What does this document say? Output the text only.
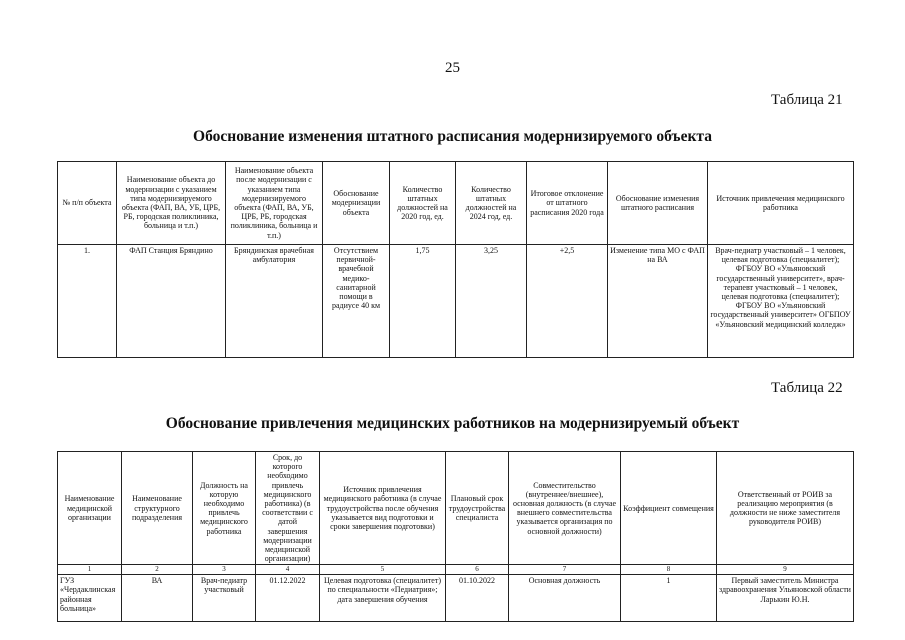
25
Таблица 21
Обоснование изменения штатного расписания модернизируемого объекта
№ п/п объекта	Наименование объекта до модернизации с указанием типа модернизируемого объекта (ФАП, ВА, УБ, ЦРБ, РБ, городская поликлиника, больница и т.п.)	Наименование объекта после модернизации с указанием типа модернизируемого объекта (ФАП, ВА, УБ, ЦРБ, РБ, городская поликлиника, больница и т.п.)	Обоснование модернизации объекта	Количество штатных должностей на 2020 год, ед.	Количество штатных должностей на 2024 год, ед.	Итоговое отклонение от штатного расписания 2020 года	Обоснование изменения штатного расписания	Источник привлечения медицинского работника
1.	ФАП Станция Бряндино	Бряндинская врачебная амбулатория	Отсутствием первичной-врачебной медико-санитарной помощи в радиусе 40 км	1,75	3,25	+2,5	Изменение типа МО с ФАП на ВА	Врач-педиатр участковый – 1 человек, целевая подготовка (специалитет); ФГБОУ ВО «Ульяновский государственный университет», врач-терапевт участковый – 1 человек, целевая подготовка (специалитет); ФГБОУ ВО «Ульяновский государственный университет» ОГБПОУ «Ульяновский медицинский колледж»
Таблица 22
Обоснование привлечения медицинских работников на модернизируемый объект
Наименование медицинской организации	Наименование структурного подразделения	Должность на которую необходимо привлечь медицинского работника	Срок, до которого необходимо привлечь медицинского работника) (в соответствии с датой завершения модернизации медицинской организации)	Источник привлечения медицинского работника (в случае трудоустройства после обучения указывается вид подготовки и сроки завершения подготовки)	Плановый срок трудоустройства специалиста	Совместительство (внутреннее/внешнее), основная должность (в случае внешнего совместительства указывается организация по основной должности)	Коэффициент совмещения	Ответственный от РОИВ за реализацию мероприятия (в должности не ниже заместителя руководителя РОИВ)
1	2	3	4	5	6	7	8	9
ГУЗ «Чердаклинская районная больница»	ВА	Врач-педиатр участковый	01.12.2022	Целевая подготовка (специалитет) по специальности «Педиатрия»; дата завершения обучения	01.10.2022	Основная должность	1	Первый заместитель Министра здравоохранения Ульяновской области Ларькин Ю.Н.
